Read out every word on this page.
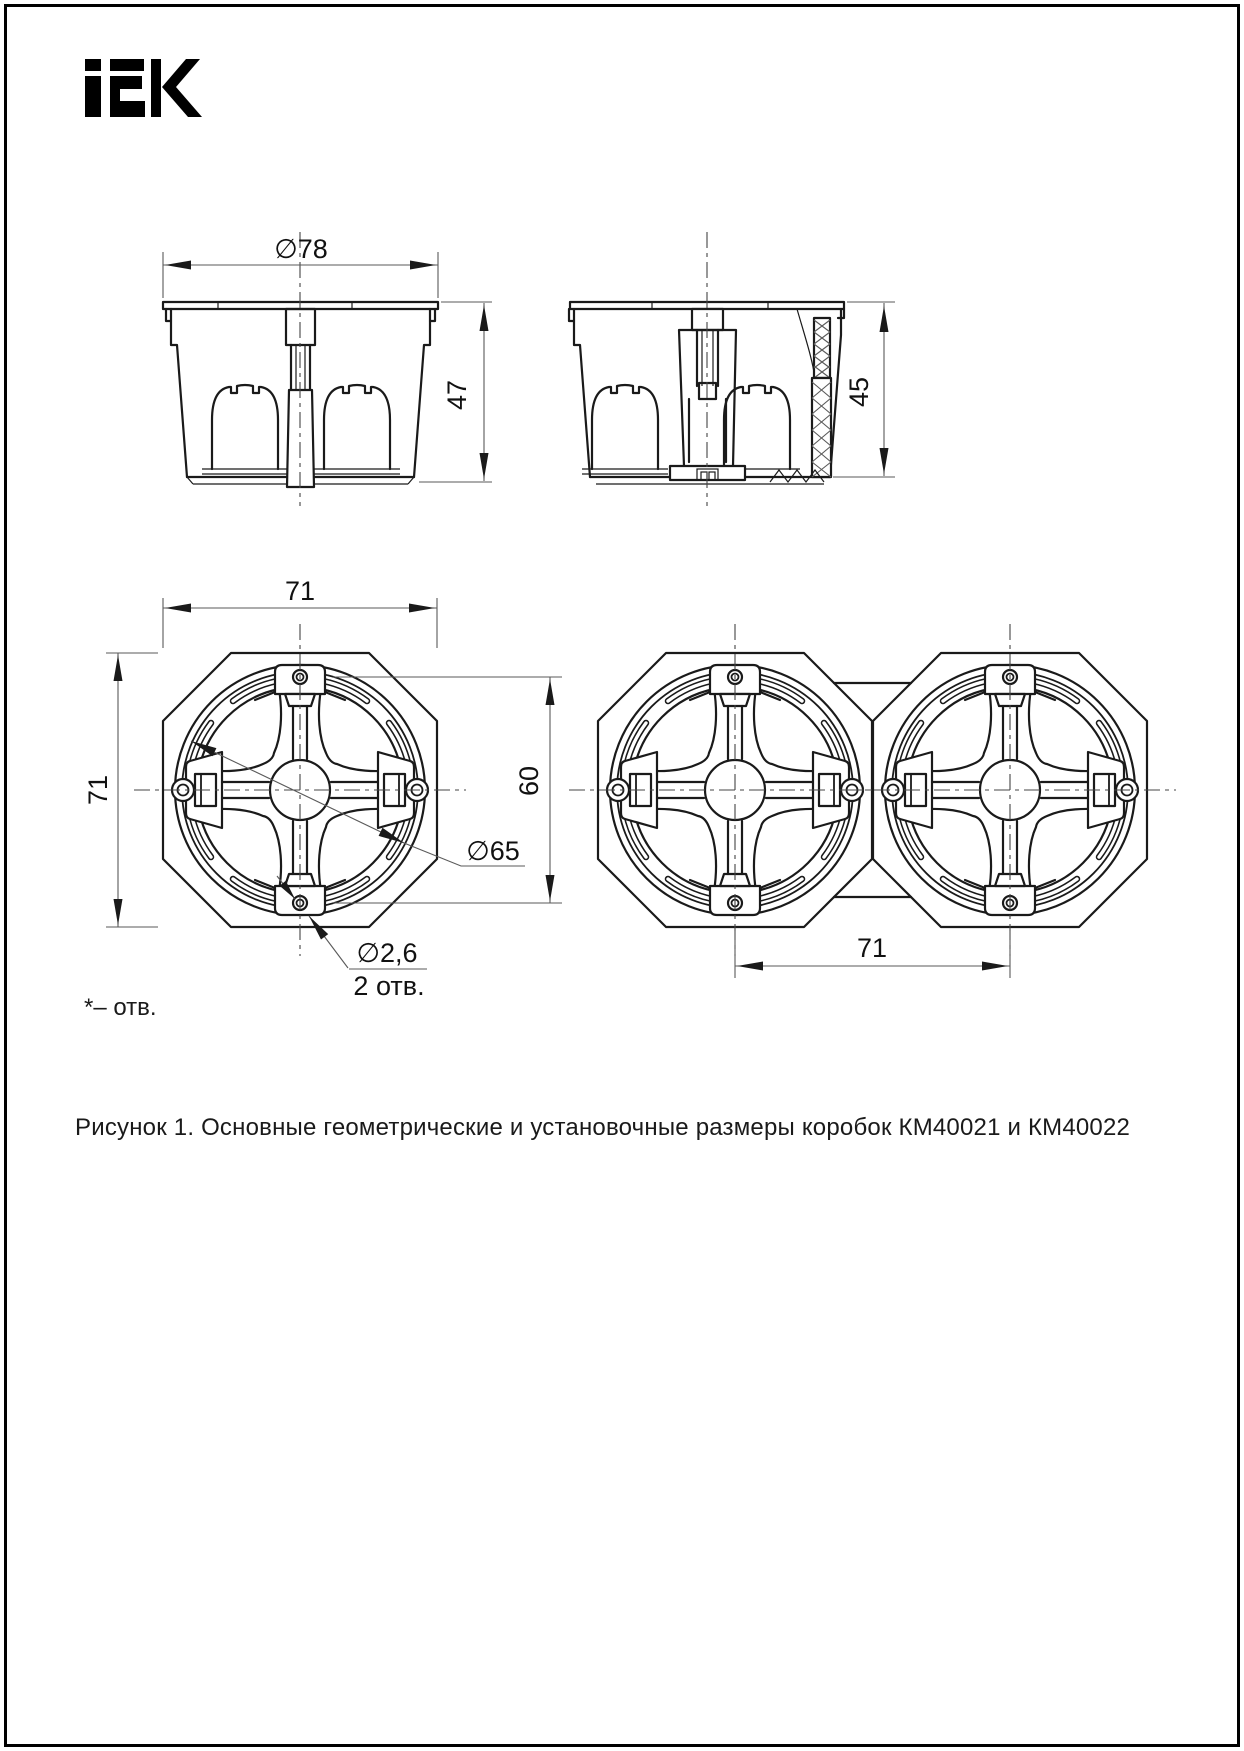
∅78
47	45
71
71	60
∅65
∅2,6
2 отв.
71
*– отв.
Рисунок 1. Основные геометрические и установочные размеры коробок КМ40021 и КМ40022
